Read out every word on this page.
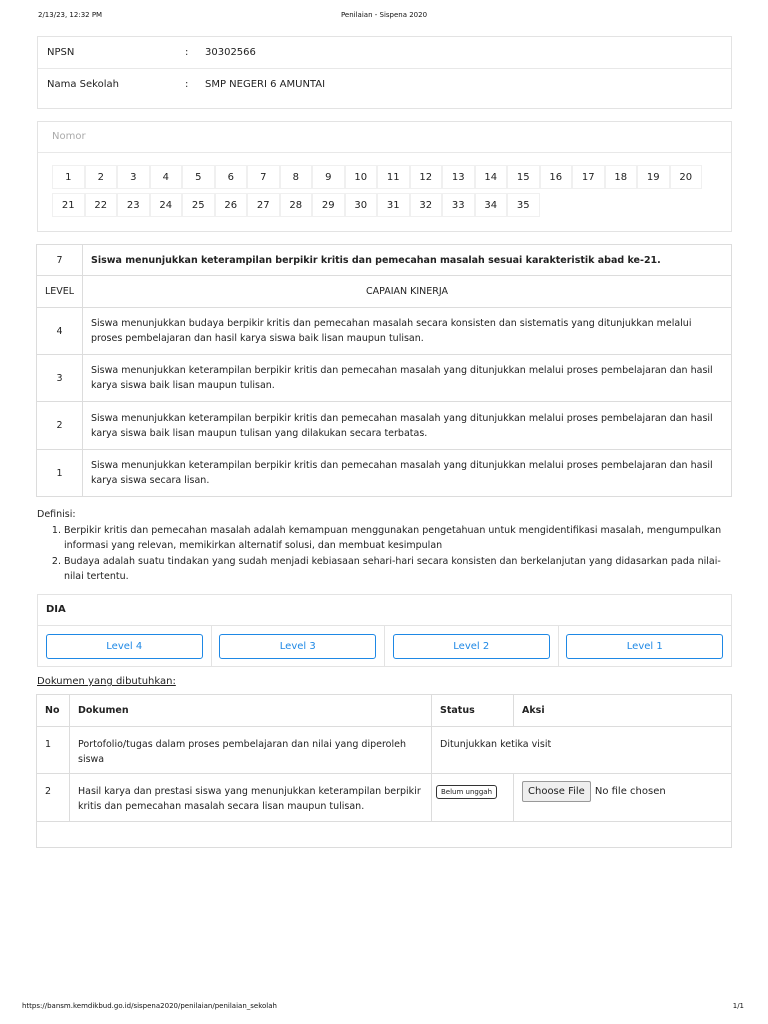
2/13/23, 12:32 PM	Penilaian - Sispena 2020
NPSN	:	30302566
Nama Sekolah	:	SMP NEGERI 6 AMUNTAI
Nomor
1	2	3	4	5	6	7	8	9	10	11	12	13	14	15	16	17	18	19	20
21	22	23	24	25	26	27	28	29	30	31	32	33	34	35
7	Siswa menunjukkan keterampilan berpikir kritis dan pemecahan masalah sesuai karakteristik abad ke-21.
LEVEL	CAPAIAN KINERJA
4	Siswa menunjukkan budaya berpikir kritis dan pemecahan masalah secara konsisten dan sistematis yang ditunjukkan melalui proses pembelajaran dan hasil karya siswa baik lisan maupun tulisan.
3	Siswa menunjukkan keterampilan berpikir kritis dan pemecahan masalah yang ditunjukkan melalui proses pembelajaran dan hasil karya siswa baik lisan maupun tulisan.
2	Siswa menunjukkan keterampilan berpikir kritis dan pemecahan masalah yang ditunjukkan melalui proses pembelajaran dan hasil karya siswa baik lisan maupun tulisan yang dilakukan secara terbatas.
1	Siswa menunjukkan keterampilan berpikir kritis dan pemecahan masalah yang ditunjukkan melalui proses pembelajaran dan hasil karya siswa secara lisan.
Definisi:
1. Berpikir kritis dan pemecahan masalah adalah kemampuan menggunakan pengetahuan untuk mengidentifikasi masalah, mengumpulkan informasi yang relevan, memikirkan alternatif solusi, dan membuat kesimpulan
2. Budaya adalah suatu tindakan yang sudah menjadi kebiasaan sehari-hari secara konsisten dan berkelanjutan yang didasarkan pada nilai-nilai tertentu.
DIA
Level 4	Level 3	Level 2	Level 1
Dokumen yang dibutuhkan:
No	Dokumen	Status	Aksi
1	Portofolio/tugas dalam proses pembelajaran dan nilai yang diperoleh siswa	Ditunjukkan ketika visit	
2	Hasil karya dan prestasi siswa yang menunjukkan keterampilan berpikir kritis dan pemecahan masalah secara lisan maupun tulisan.	Belum unggah	Choose File No file chosen

https://bansm.kemdikbud.go.id/sispena2020/penilaian/penilaian_sekolah	1/1
